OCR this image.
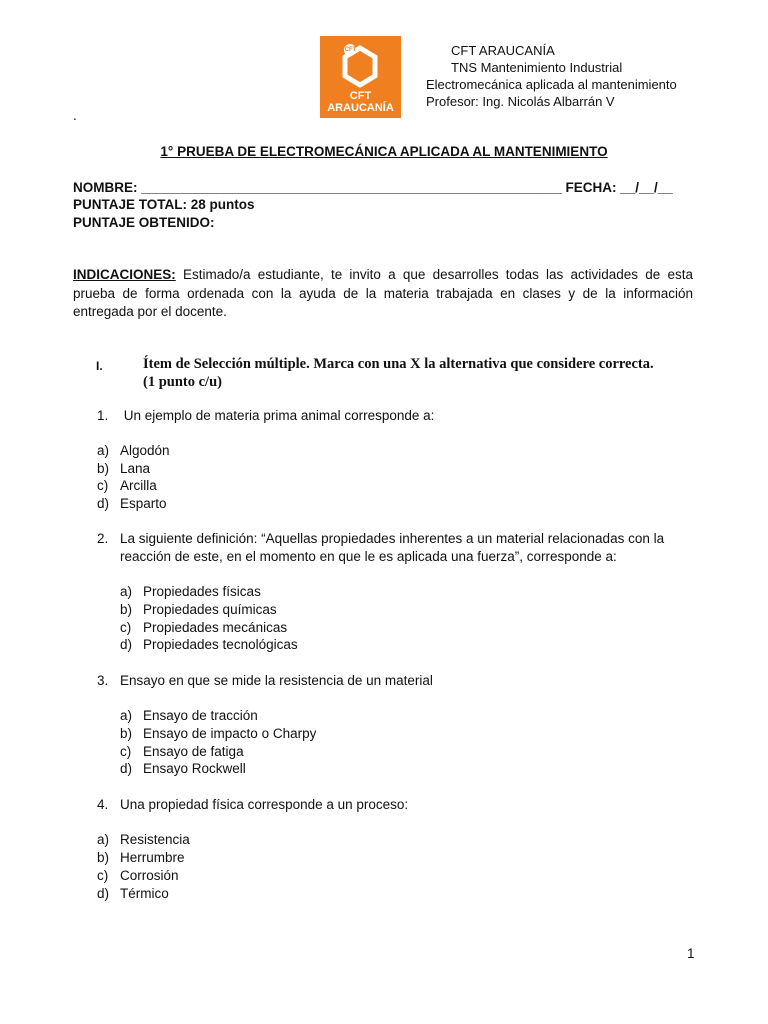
CFT
CFT
ARAUCANÍA
CFT ARAUCANÍA
TNS Mantenimiento Industrial
Electromecánica aplicada al mantenimiento
Profesor: Ing. Nicolás Albarrán V
.
1° PRUEBA DE ELECTROMECÁNICA APLICADA AL MANTENIMIENTO
NOMBRE: ________________________________________________________ FECHA: __/__/__
PUNTAJE TOTAL: 28 puntos
PUNTAJE OBTENIDO:
INDICACIONES: Estimado/a estudiante, te invito a que desarrolles todas las actividades de esta prueba de forma ordenada con la ayuda de la materia trabajada en clases y de la información entregada por el docente.
I.	Ítem de Selección múltiple. Marca con una X la alternativa que considere correcta.
(1 punto c/u)
1. Un ejemplo de materia prima animal corresponde a:
a) Algodón
b) Lana
c) Arcilla
d) Esparto
2. La siguiente definición: “Aquellas propiedades inherentes a un material relacionadas con la
reacción de este, en el momento en que le es aplicada una fuerza”, corresponde a:
a) Propiedades físicas
b) Propiedades químicas
c) Propiedades mecánicas
d) Propiedades tecnológicas
3. Ensayo en que se mide la resistencia de un material
a) Ensayo de tracción
b) Ensayo de impacto o Charpy
c) Ensayo de fatiga
d) Ensayo Rockwell
4. Una propiedad física corresponde a un proceso:
a) Resistencia
b) Herrumbre
c) Corrosión
d) Térmico
1
